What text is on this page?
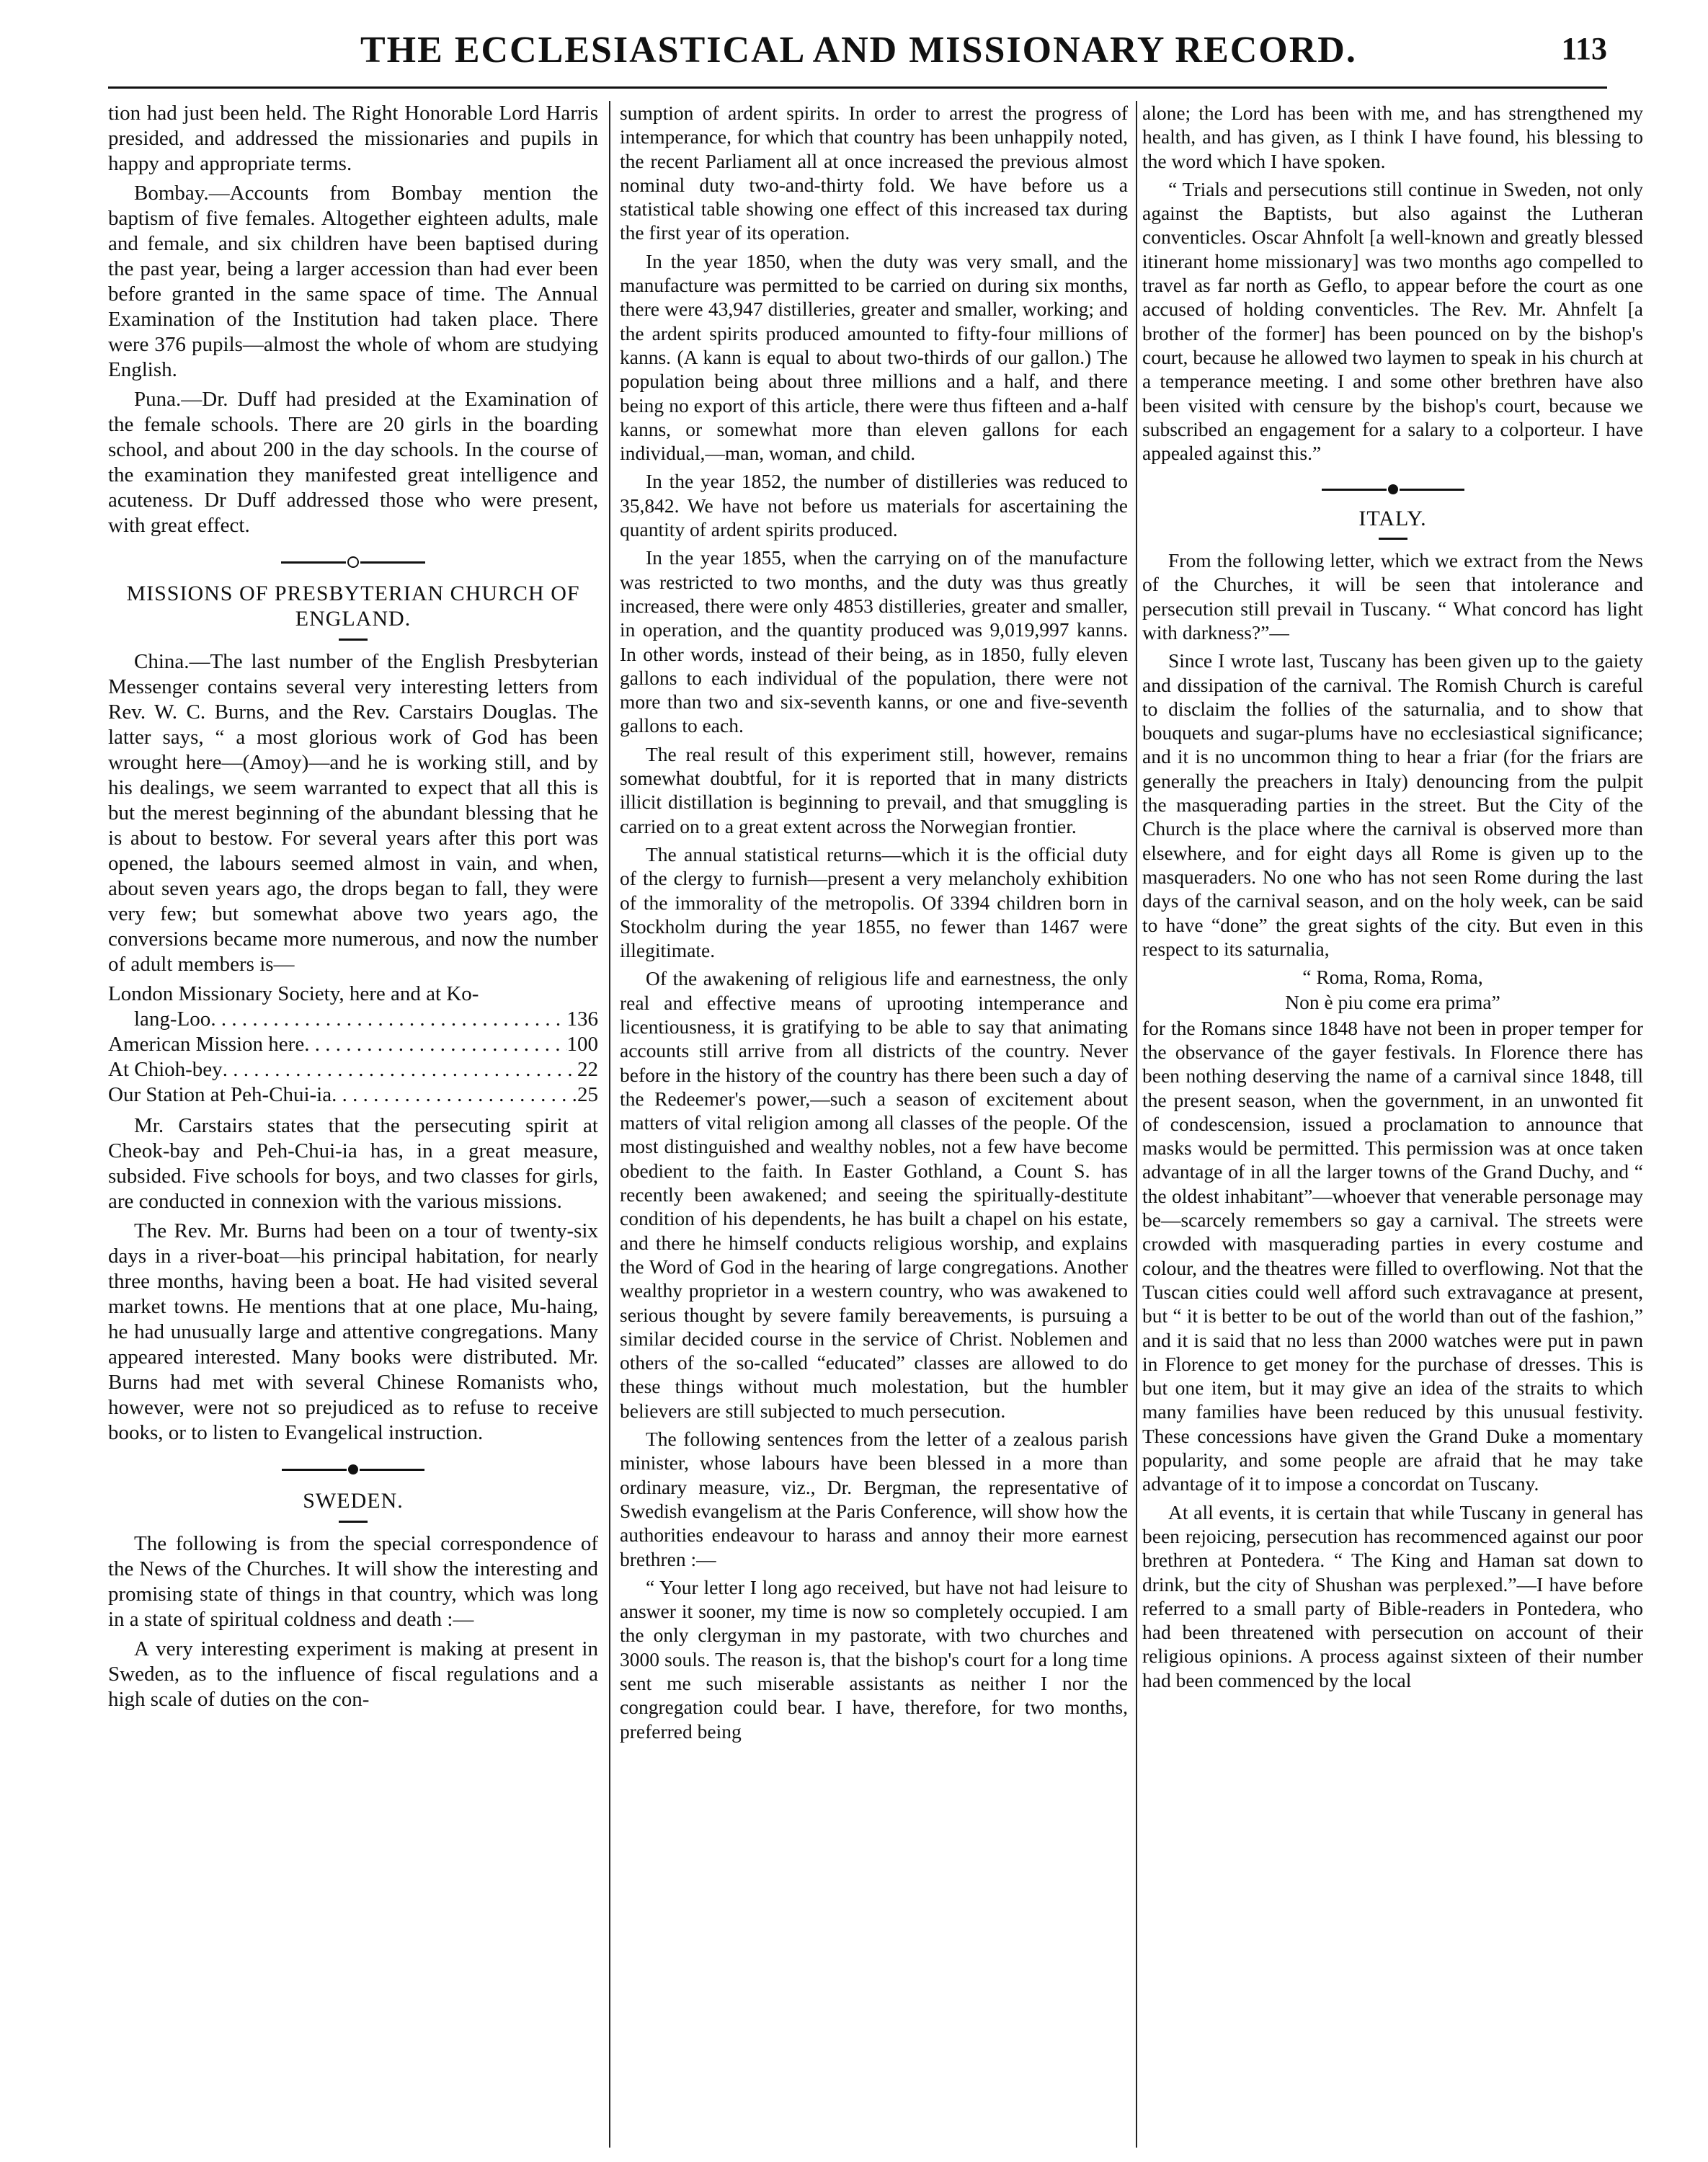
THE ECCLESIASTICAL AND MISSIONARY RECORD.	113

tion had just been held. The Right Honorable Lord Harris presided, and addressed the missionaries and pupils in happy and appropriate terms.

Bombay.—Accounts from Bombay mention the baptism of five females. Altogether eighteen adults, male and female, and six children have been baptised during the past year, being a larger accession than had ever been before granted in the same space of time. The Annual Examination of the Institution had taken place. There were 376 pupils—almost the whole of whom are studying English.

Puna.—Dr. Duff had presided at the Examination of the female schools. There are 20 girls in the boarding school, and about 200 in the day schools. In the course of the examination they manifested great intelligence and acuteness. Dr Duff addressed those who were present, with great effect.

MISSIONS OF PRESBYTERIAN CHURCH OF ENGLAND.

China.—The last number of the English Presbyterian Messenger contains several very interesting letters from Rev. W. C. Burns, and the Rev. Carstairs Douglas. The latter says, “ a most glorious work of God has been wrought here—(Amoy)—and he is working still, and by his dealings, we seem warranted to expect that all this is but the merest beginning of the abundant blessing that he is about to bestow. For several years after this port was opened, the labours seemed almost in vain, and when, about seven years ago, the drops began to fall, they were very few; but somewhat above two years ago, the conversions became more numerous, and now the number of adult members is—

London Missionary Society, here and at Ko-
lang-Loo . . .	136
American Mission here . . .	100
At Chioh-bey . . .	22
Our Station at Peh-Chui-ia . . .	25

Mr. Carstairs states that the persecuting spirit at Cheok-bay and Peh-Chui-ia has, in a great measure, subsided. Five schools for boys, and two classes for girls, are conducted in connexion with the various missions.

The Rev. Mr. Burns had been on a tour of twenty-six days in a river-boat—his principal habitation, for nearly three months, having been a boat. He had visited several market towns. He mentions that at one place, Mu-haing, he had unusually large and attentive congregations. Many appeared interested. Many books were distributed. Mr. Burns had met with several Chinese Romanists who, however, were not so prejudiced as to refuse to receive books, or to listen to Evangelical instruction.

SWEDEN.

The following is from the special correspondence of the News of the Churches. It will show the interesting and promising state of things in that country, which was long in a state of spiritual coldness and death :—

A very interesting experiment is making at present in Sweden, as to the influence of fiscal regulations and a high scale of duties on the con-

sumption of ardent spirits. In order to arrest the progress of intemperance, for which that country has been unhappily noted, the recent Parliament all at once increased the previous almost nominal duty two-and-thirty fold. We have before us a statistical table showing one effect of this increased tax during the first year of its operation.

In the year 1850, when the duty was very small, and the manufacture was permitted to be carried on during six months, there were 43,947 distilleries, greater and smaller, working; and the ardent spirits produced amounted to fifty-four millions of kanns. (A kann is equal to about two-thirds of our gallon.) The population being about three millions and a half, and there being no export of this article, there were thus fifteen and a-half kanns, or somewhat more than eleven gallons for each individual,—man, woman, and child.

In the year 1852, the number of distilleries was reduced to 35,842. We have not before us materials for ascertaining the quantity of ardent spirits produced.

In the year 1855, when the carrying on of the manufacture was restricted to two months, and the duty was thus greatly increased, there were only 4853 distilleries, greater and smaller, in operation, and the quantity produced was 9,019,997 kanns. In other words, instead of their being, as in 1850, fully eleven gallons to each individual of the population, there were not more than two and six-seventh kanns, or one and five-seventh gallons to each.

The real result of this experiment still, however, remains somewhat doubtful, for it is reported that in many districts illicit distillation is beginning to prevail, and that smuggling is carried on to a great extent across the Norwegian frontier.

The annual statistical returns—which it is the official duty of the clergy to furnish—present a very melancholy exhibition of the immorality of the metropolis. Of 3394 children born in Stockholm during the year 1855, no fewer than 1467 were illegitimate.

Of the awakening of religious life and earnestness, the only real and effective means of uprooting intemperance and licentiousness, it is gratifying to be able to say that animating accounts still arrive from all districts of the country. Never before in the history of the country has there been such a day of the Redeemer's power,—such a season of excitement about matters of vital religion among all classes of the people. Of the most distinguished and wealthy nobles, not a few have become obedient to the faith. In Easter Gothland, a Count S. has recently been awakened; and seeing the spiritually-destitute condition of his dependents, he has built a chapel on his estate, and there he himself conducts religious worship, and explains the Word of God in the hearing of large congregations. Another wealthy proprietor in a western country, who was awakened to serious thought by severe family bereavements, is pursuing a similar decided course in the service of Christ. Noblemen and others of the so-called “educated” classes are allowed to do these things without much molestation, but the humbler believers are still subjected to much persecution.

The following sentences from the letter of a zealous parish minister, whose labours have been blessed in a more than ordinary measure, viz., Dr. Bergman, the representative of Swedish evangelism at the Paris Conference, will show how the authorities endeavour to harass and annoy their more earnest brethren :—

“ Your letter I long ago received, but have not had leisure to answer it sooner, my time is now so completely occupied. I am the only clergyman in my pastorate, with two churches and 3000 souls. The reason is, that the bishop's court for a long time sent me such miserable assistants as neither I nor the congregation could bear. I have, therefore, for two months, preferred being

alone; the Lord has been with me, and has strengthened my health, and has given, as I think I have found, his blessing to the word which I have spoken.

“ Trials and persecutions still continue in Sweden, not only against the Baptists, but also against the Lutheran conventicles. Oscar Ahnfolt [a well-known and greatly blessed itinerant home missionary] was two months ago compelled to travel as far north as Geflo, to appear before the court as one accused of holding conventicles. The Rev. Mr. Ahnfelt [a brother of the former] has been pounced on by the bishop's court, because he allowed two laymen to speak in his church at a temperance meeting. I and some other brethren have also been visited with censure by the bishop's court, because we subscribed an engagement for a salary to a colporteur. I have appealed against this.”

ITALY.

From the following letter, which we extract from the News of the Churches, it will be seen that intolerance and persecution still prevail in Tuscany. “ What concord has light with darkness?”—

Since I wrote last, Tuscany has been given up to the gaiety and dissipation of the carnival. The Romish Church is careful to disclaim the follies of the saturnalia, and to show that bouquets and sugar-plums have no ecclesiastical significance; and it is no uncommon thing to hear a friar (for the friars are generally the preachers in Italy) denouncing from the pulpit the masquerading parties in the street. But the City of the Church is the place where the carnival is observed more than elsewhere, and for eight days all Rome is given up to the masqueraders. No one who has not seen Rome during the last days of the carnival season, and on the holy week, can be said to have “done” the great sights of the city. But even in this respect to its saturnalia,

“ Roma, Roma, Roma,
Non è piu come era prima”

for the Romans since 1848 have not been in proper temper for the observance of the gayer festivals. In Florence there has been nothing deserving the name of a carnival since 1848, till the present season, when the government, in an unwonted fit of condescension, issued a proclamation to announce that masks would be permitted. This permission was at once taken advantage of in all the larger towns of the Grand Duchy, and “ the oldest inhabitant”—whoever that venerable personage may be—scarcely remembers so gay a carnival. The streets were crowded with masquerading parties in every costume and colour, and the theatres were filled to overflowing. Not that the Tuscan cities could well afford such extravagance at present, but “ it is better to be out of the world than out of the fashion,” and it is said that no less than 2000 watches were put in pawn in Florence to get money for the purchase of dresses. This is but one item, but it may give an idea of the straits to which many families have been reduced by this unusual festivity. These concessions have given the Grand Duke a momentary popularity, and some people are afraid that he may take advantage of it to impose a concordat on Tuscany.

At all events, it is certain that while Tuscany in general has been rejoicing, persecution has recommenced against our poor brethren at Pontedera. “ The King and Haman sat down to drink, but the city of Shushan was perplexed.”—I have before referred to a small party of Bible-readers in Pontedera, who had been threatened with persecution on account of their religious opinions. A process against sixteen of their number had been commenced by the local
